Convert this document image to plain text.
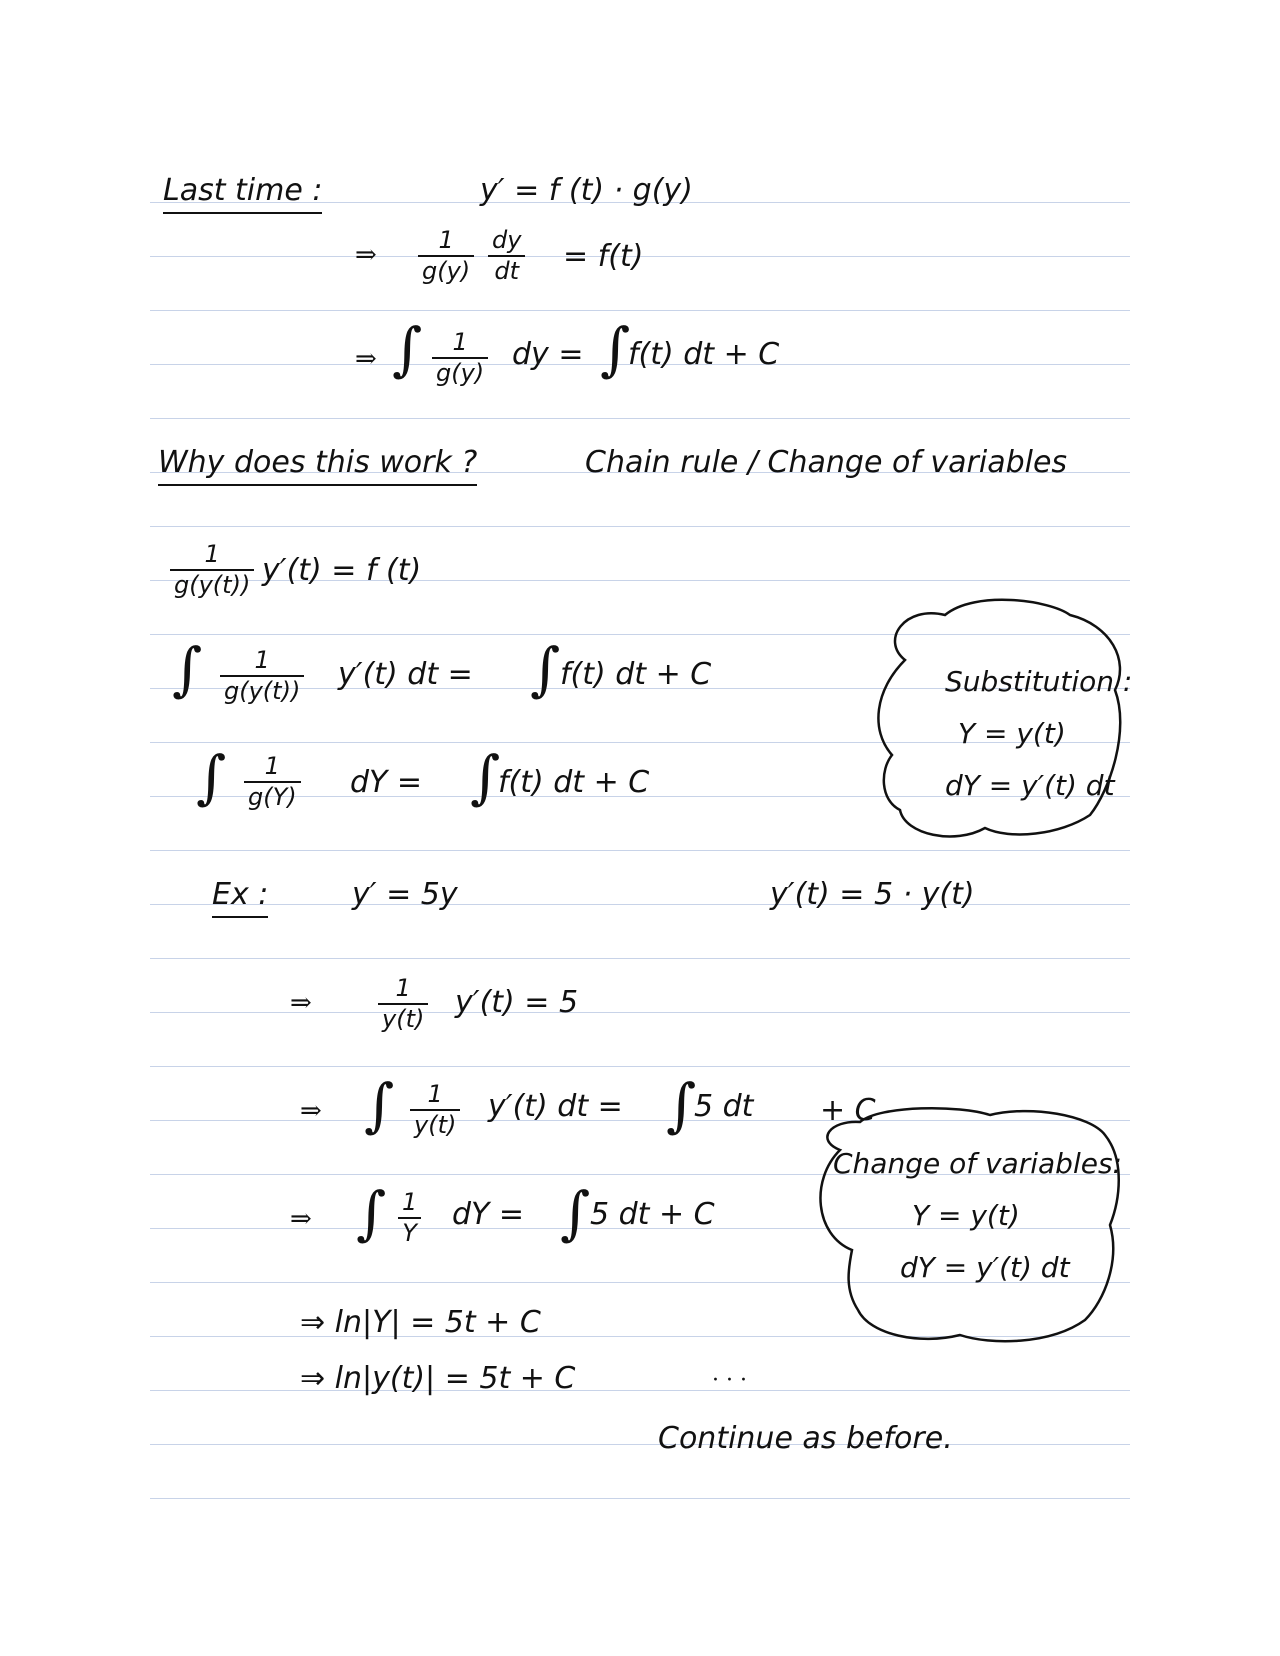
Last time :	y′ = f (t) · g(y)
⇒	1
g(y)
dy
dt = f(t)
⇒ ∫ 1
g(y)
dy = ∫
f(t) dt + C
Why does this work ?	Chain rule / Change of variables
1
g(y(t)) y′(t) = f (t)
∫ 1
g(y(t)) y′(t) dt = ∫ f(t) dt + C
∫ 1
g(Y) dY = ∫
f(t) dt + C
Substitution :
Y = y(t)
dY = y′(t) dt
Ex :	y′ = 5y	y′(t) = 5 · y(t)
⇒	1
y(t) y′(t) = 5
⇒ ∫ 1
y(t)
y′(t) dt = ∫
5 dt + C
⇒ ∫ 1
Y
dY = ∫ 5 dt + C
⇒ ln|Y| = 5t + C
⇒ ln|y(t)| = 5t + C	· · ·
Continue as before.
Change of variables:
Y = y(t)
dY = y′(t) dt
